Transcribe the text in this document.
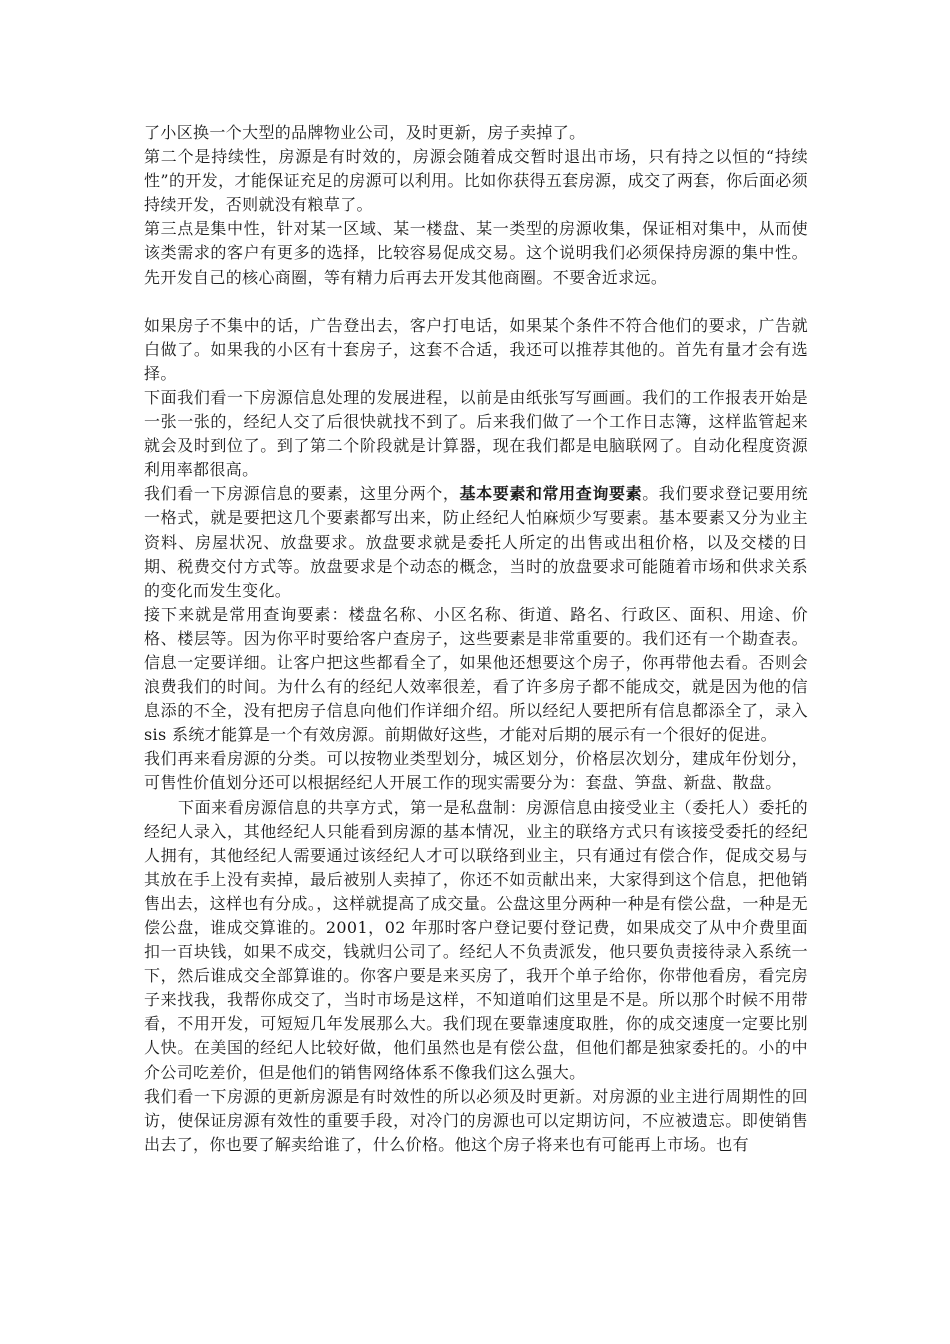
了小区换一个大型的品牌物业公司，及时更新，房子卖掉了。

第二个是持续性，房源是有时效的，房源会随着成交暂时退出市场，只有持之以恒的“持续性”的开发，才能保证充足的房源可以利用。比如你获得五套房源，成交了两套，你后面必须持续开发，否则就没有粮草了。

第三点是集中性，针对某一区域、某一楼盘、某一类型的房源收集，保证相对集中，从而使该类需求的客户有更多的选择，比较容易促成交易。这个说明我们必须保持房源的集中性。先开发自己的核心商圈，等有精力后再去开发其他商圈。不要舍近求远。

如果房子不集中的话，广告登出去，客户打电话，如果某个条件不符合他们的要求，广告就白做了。如果我的小区有十套房子，这套不合适，我还可以推荐其他的。首先有量才会有选择。

下面我们看一下房源信息处理的发展进程，以前是由纸张写写画画。我们的工作报表开始是一张一张的，经纪人交了后很快就找不到了。后来我们做了一个工作日志簿，这样监管起来就会及时到位了。到了第二个阶段就是计算器，现在我们都是电脑联网了。自动化程度资源利用率都很高。

我们看一下房源信息的要素，这里分两个，基本要素和常用查询要素。我们要求登记要用统一格式，就是要把这几个要素都写出来，防止经纪人怕麻烦少写要素。基本要素又分为业主资料、房屋状况、放盘要求。放盘要求就是委托人所定的出售或出租价格，以及交楼的日期、税费交付方式等。放盘要求是个动态的概念，当时的放盘要求可能随着市场和供求关系的变化而发生变化。

接下来就是常用查询要素：楼盘名称、小区名称、街道、路名、行政区、面积、用途、价格、楼层等。因为你平时要给客户查房子，这些要素是非常重要的。我们还有一个勘查表。信息一定要详细。让客户把这些都看全了，如果他还想要这个房子，你再带他去看。否则会浪费我们的时间。为什么有的经纪人效率很差，看了许多房子都不能成交，就是因为他的信息添的不全，没有把房子信息向他们作详细介绍。所以经纪人要把所有信息都添全了，录入 sis 系统才能算是一个有效房源。前期做好这些，才能对后期的展示有一个很好的促进。

我们再来看房源的分类。可以按物业类型划分，城区划分，价格层次划分，建成年份划分，可售性价值划分还可以根据经纪人开展工作的现实需要分为：套盘、笋盘、新盘、散盘。

下面来看房源信息的共享方式，第一是私盘制：房源信息由接受业主（委托人）委托的经纪人录入，其他经纪人只能看到房源的基本情况，业主的联络方式只有该接受委托的经纪人拥有，其他经纪人需要通过该经纪人才可以联络到业主，只有通过有偿合作，促成交易与其放在手上没有卖掉，最后被别人卖掉了，你还不如贡献出来，大家得到这个信息，把他销售出去，这样也有分成。，这样就提高了成交量。公盘这里分两种一种是有偿公盘，一种是无偿公盘，谁成交算谁的。2001，02 年那时客户登记要付登记费，如果成交了从中介费里面扣一百块钱，如果不成交，钱就归公司了。经纪人不负责派发，他只要负责接待录入系统一下，然后谁成交全部算谁的。你客户要是来买房了，我开个单子给你，你带他看房，看完房子来找我，我帮你成交了，当时市场是这样，不知道咱们这里是不是。所以那个时候不用带看，不用开发，可短短几年发展那么大。我们现在要靠速度取胜，你的成交速度一定要比别人快。在美国的经纪人比较好做，他们虽然也是有偿公盘，但他们都是独家委托的。小的中介公司吃差价，但是他们的销售网络体系不像我们这么强大。

我们看一下房源的更新房源是有时效性的所以必须及时更新。对房源的业主进行周期性的回访，使保证房源有效性的重要手段，对冷门的房源也可以定期访问，不应被遗忘。即使销售出去了，你也要了解卖给谁了，什么价格。他这个房子将来也有可能再上市场。也有
